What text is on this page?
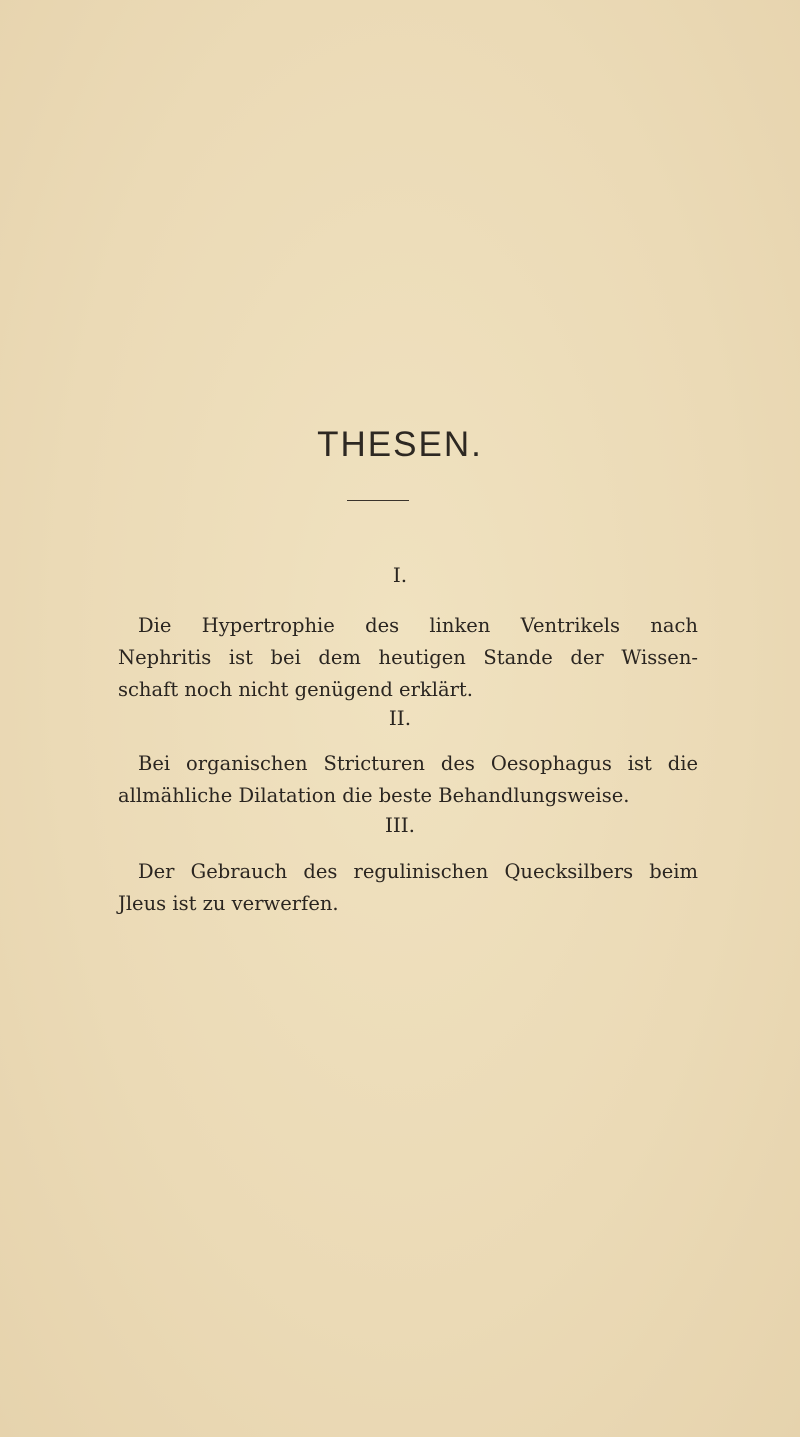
THESEN.

I.

Die Hypertrophie des linken Ventrikels nach
Nephritis ist bei dem heutigen Stande der Wissen-
schaft noch nicht genügend erklärt.

II.

Bei organischen Stricturen des Oesophagus ist die
allmähliche Dilatation die beste Behandlungsweise.

III.

Der Gebrauch des regulinischen Quecksilbers beim
Jleus ist zu verwerfen.
